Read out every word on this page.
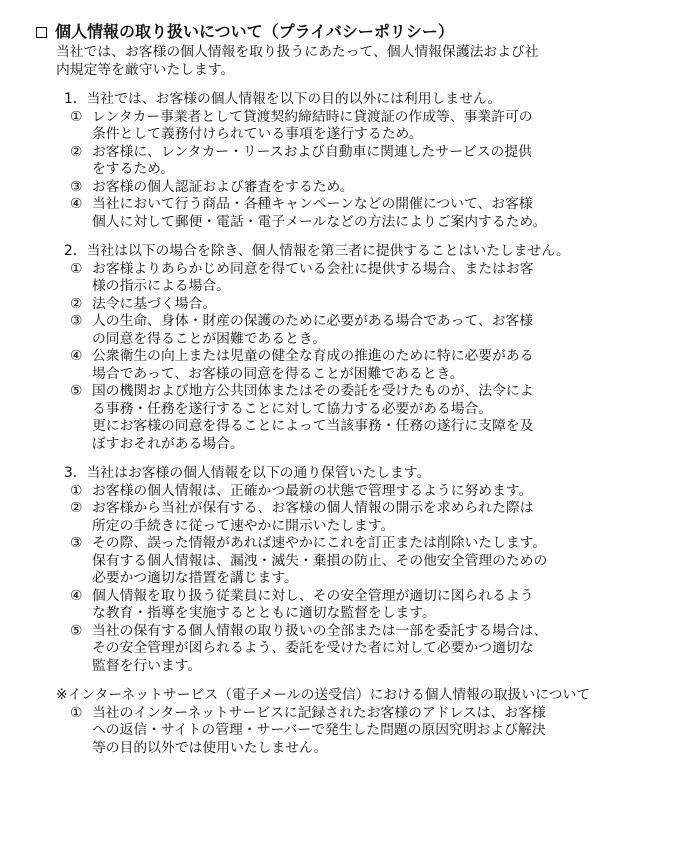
個人情報の取り扱いについて（プライバシーポリシー）
当社では、お客様の個人情報を取り扱うにあたって、個人情報保護法および社
内規定等を厳守いたします。
1．当社では、お客様の個人情報を以下の目的以外には利用しません。
① レンタカー事業者として貸渡契約締結時に貸渡証の作成等、事業許可の
条件として義務付けられている事項を遂行するため。
② お客様に、レンタカー・リースおよび自動車に関連したサービスの提供
をするため。
③ お客様の個人認証および審査をするため。
④ 当社において行う商品・各種キャンペーンなどの開催について、お客様
個人に対して郵便・電話・電子メールなどの方法によりご案内するため。
2．当社は以下の場合を除き、個人情報を第三者に提供することはいたしません。
① お客様よりあらかじめ同意を得ている会社に提供する場合、またはお客
様の指示による場合。
② 法令に基づく場合。
③ 人の生命、身体・財産の保護のために必要がある場合であって、お客様
の同意を得ることが困難であるとき。
④ 公衆衛生の向上または児童の健全な育成の推進のために特に必要がある
場合であって、お客様の同意を得ることが困難であるとき。
⑤ 国の機関および地方公共団体またはその委託を受けたものが、法令によ
る事務・任務を遂行することに対して協力する必要がある場合。
更にお客様の同意を得ることによって当該事務・任務の遂行に支障を及
ぼすおそれがある場合。
3．当社はお客様の個人情報を以下の通り保管いたします。
① お客様の個人情報は、正確かつ最新の状態で管理するように努めます。
② お客様から当社が保有する、お客様の個人情報の開示を求められた際は
所定の手続きに従って速やかに開示いたします。
③ その際、誤った情報があれば速やかにこれを訂正または削除いたします。
保有する個人情報は、漏洩・滅失・棄損の防止、その他安全管理のための
必要かつ適切な措置を講じます。
④ 個人情報を取り扱う従業員に対し、その安全管理が適切に図られるよう
な教育・指導を実施するとともに適切な監督をします。
⑤ 当社の保有する個人情報の取り扱いの全部または一部を委託する場合は、
その安全管理が図られるよう、委託を受けた者に対して必要かつ適切な
監督を行います。
※インターネットサービス（電子メールの送受信）における個人情報の取扱いについて
① 当社のインターネットサービスに記録されたお客様のアドレスは、お客様
への返信・サイトの管理・サーバーで発生した問題の原因究明および解決
等の目的以外では使用いたしません。
